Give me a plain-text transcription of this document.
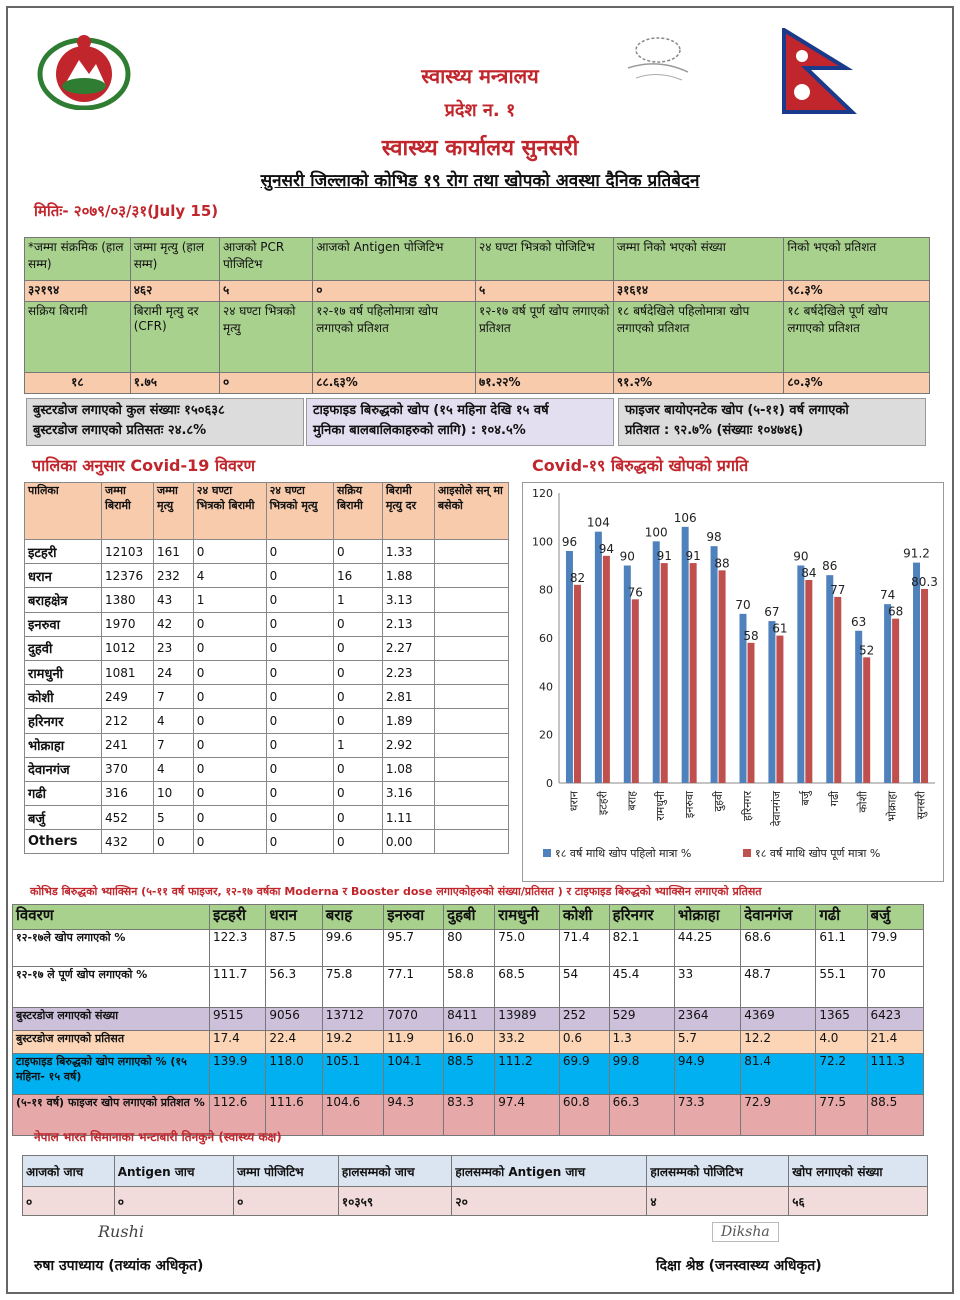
स्वास्थ्य मन्त्रालय
प्रदेश न. १
स्वास्थ्य कार्यालय सुनसरी
सुनसरी जिल्लाको कोभिड १९ रोग तथा खोपको अवस्था दैनिक प्रतिबेदन
मितिः- २०७९/०३/३१(July 15)
*जम्मा संक्रमिक (हाल सम्म)	जम्मा मृत्यु (हाल सम्म)	आजको PCR पोजिटिभ	आजको Antigen पोजिटिभ	२४ घण्टा भित्रको पोजिटिभ	जम्मा निको भएको संख्या	निको भएको प्रतिशत
३२१९४	४६२	५	०	५	३१६१४	९८.३%
सक्रिय बिरामी	बिरामी मृत्यु दर (CFR)	२४ घण्टा भित्रको मृत्यु	१२-१७ वर्ष पहिलोमात्रा खोप लगाएको प्रतिशत	१२-१७ वर्ष पूर्ण खोप लगाएको प्रतिशत	१८ बर्षदेखिले पहिलोमात्रा खोप लगाएको प्रतिशत	१८ बर्षदेखिले पूर्ण खोप लगाएको प्रतिशत
१८	१.७५	०	८८.६३%	७१.२२%	९१.२%	८०.३%
बुस्टरडोज लगाएको कुल संख्याः १५०६३८
बुस्टरडोज लगाएको प्रतिसतः २४.८%
टाइफाइड बिरुद्धको खोप (१५ महिना देखि १५ वर्ष
मुनिका बालबालिकाहरुको लागि) : १०४.५%
फाइजर बायोएनटेक खोप (५-११) वर्ष लगाएको
प्रतिशत : ९२.७% (संख्याः १०४७४६)
पालिका अनुसार Covid-19 विवरण	Covid-१९ बिरुद्धको खोपको प्रगति
पालिका	जम्मा बिरामी	जम्मा मृत्यु	२४ घण्टा भित्रको बिरामी	२४ घण्टा भित्रको मृत्यु	सक्रिय बिरामी	बिरामी मृत्यु दर	आइसोले सन् मा बसेको
इटहरी	12103	161	0	0	0	1.33	
धरान	12376	232	4	0	16	1.88	
बराहक्षेत्र	1380	43	1	0	1	3.13	
इनरुवा	1970	42	0	0	0	2.13	
दुहवी	1012	23	0	0	0	2.27	
रामधुनी	1081	24	0	0	0	2.23	
कोशी	249	7	0	0	0	2.81	
हरिनगर	212	4	0	0	0	1.89	
भोक्राहा	241	7	0	0	1	2.92	
देवानगंज	370	4	0	0	0	1.08	
गढी	316	10	0	0	0	3.16	
बर्जु	452	5	0	0	0	1.11	
Others	432	0	0	0	0	0.00	
0
20
40
60
80
100
120
96
104
90
100
106
98
70
67
90
86
63
74
91.2
82
94
76
91 91
88
58
61
84
77
52
68
80.3
धरान इटहरी बराह रामधुनी इनरुवा दुहवी हरिनगर देवानगंज बर्जु गढी कोशी भोक्राहा सुनसरी
१८ वर्ष माथि खोप पहिलो मात्रा %	१८ वर्ष माथि खोप पूर्ण मात्रा %
कोभिड बिरुद्धको भ्याक्सिन (५-११ वर्ष फाइजर, १२-१७ वर्षका Moderna र Booster dose लगाएकोहरुको संख्या/प्रतिसत ) र टाइफाइड बिरुद्धको भ्याक्सिन लगाएको प्रतिसत
विवरण	इटहरी	धरान	बराह	इनरुवा	दुहबी	रामधुनी	कोशी	हरिनगर	भोक्राहा	देवानगंज	गढी	बर्जु
१२-१७ले खोप लगाएको %	122.3	87.5	99.6	95.7	80	75.0	71.4	82.1	44.25	68.6	61.1	79.9
१२-१७ ले पूर्ण खोप लगाएको %	111.7	56.3	75.8	77.1	58.8	68.5	54	45.4	33	48.7	55.1	70
बुस्टरडोज लगाएको संख्या	9515	9056	13712	7070	8411	13989	252	529	2364	4369	1365	6423
बुस्टरडोज लगाएको प्रतिसत	17.4	22.4	19.2	11.9	16.0	33.2	0.6	1.3	5.7	12.2	4.0	21.4
टाइफाइड बिरुद्धको खोप लगाएको % (१५ महिना- १५ वर्ष)	139.9	118.0	105.1	104.1	88.5	111.2	69.9	99.8	94.9	81.4	72.2	111.3
(५-११ वर्ष) फाइजर खोप लगाएको प्रतिशत %	112.6	111.6	104.6	94.3	83.3	97.4	60.8	66.3	73.3	72.9	77.5	88.5
नेपाल भारत सिमानाका भन्टाबारी तिनकुने (स्वास्थ्य कक्ष)
आजको जाच	Antigen जाच	जम्मा पोजिटिभ	हालसम्मको जाच	हालसम्मको Antigen जाच	हालसम्मको पोजिटिभ	खोप लगाएको संख्या
०	०	०	१०३५९	२०	४	५६
Rushi	Diksha
रुषा उपाध्याय (तथ्यांक अधिकृत)	दिक्षा श्रेष्ठ (जनस्वास्थ्य अधिकृत)
